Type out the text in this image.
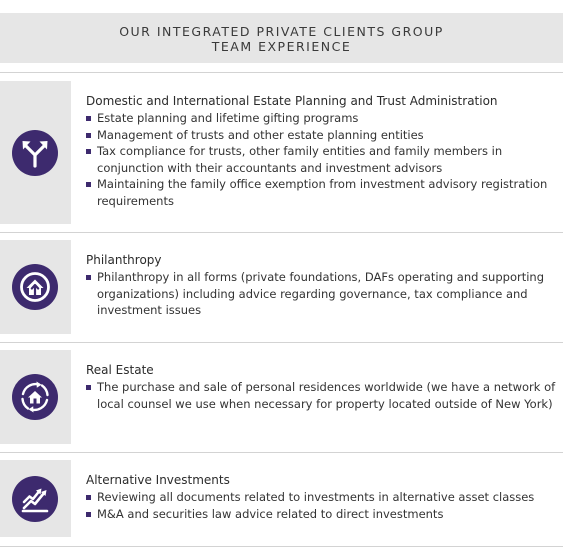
OUR INTEGRATED PRIVATE CLIENTS GROUP
TEAM EXPERIENCE
Domestic and International Estate Planning and Trust Administration
Estate planning and lifetime gifting programs
Management of trusts and other estate planning entities
Tax compliance for trusts, other family entities and family members in conjunction with their accountants and investment advisors
Maintaining the family office exemption from investment advisory registration requirements
Philanthropy
Philanthropy in all forms (private foundations, DAFs operating and supporting organizations) including advice regarding governance, tax compliance and investment issues
Real Estate
The purchase and sale of personal residences worldwide (we have a network of local counsel we use when necessary for property located outside of New York)
Alternative Investments
Reviewing all documents related to investments in alternative asset classes
M&A and securities law advice related to direct investments
